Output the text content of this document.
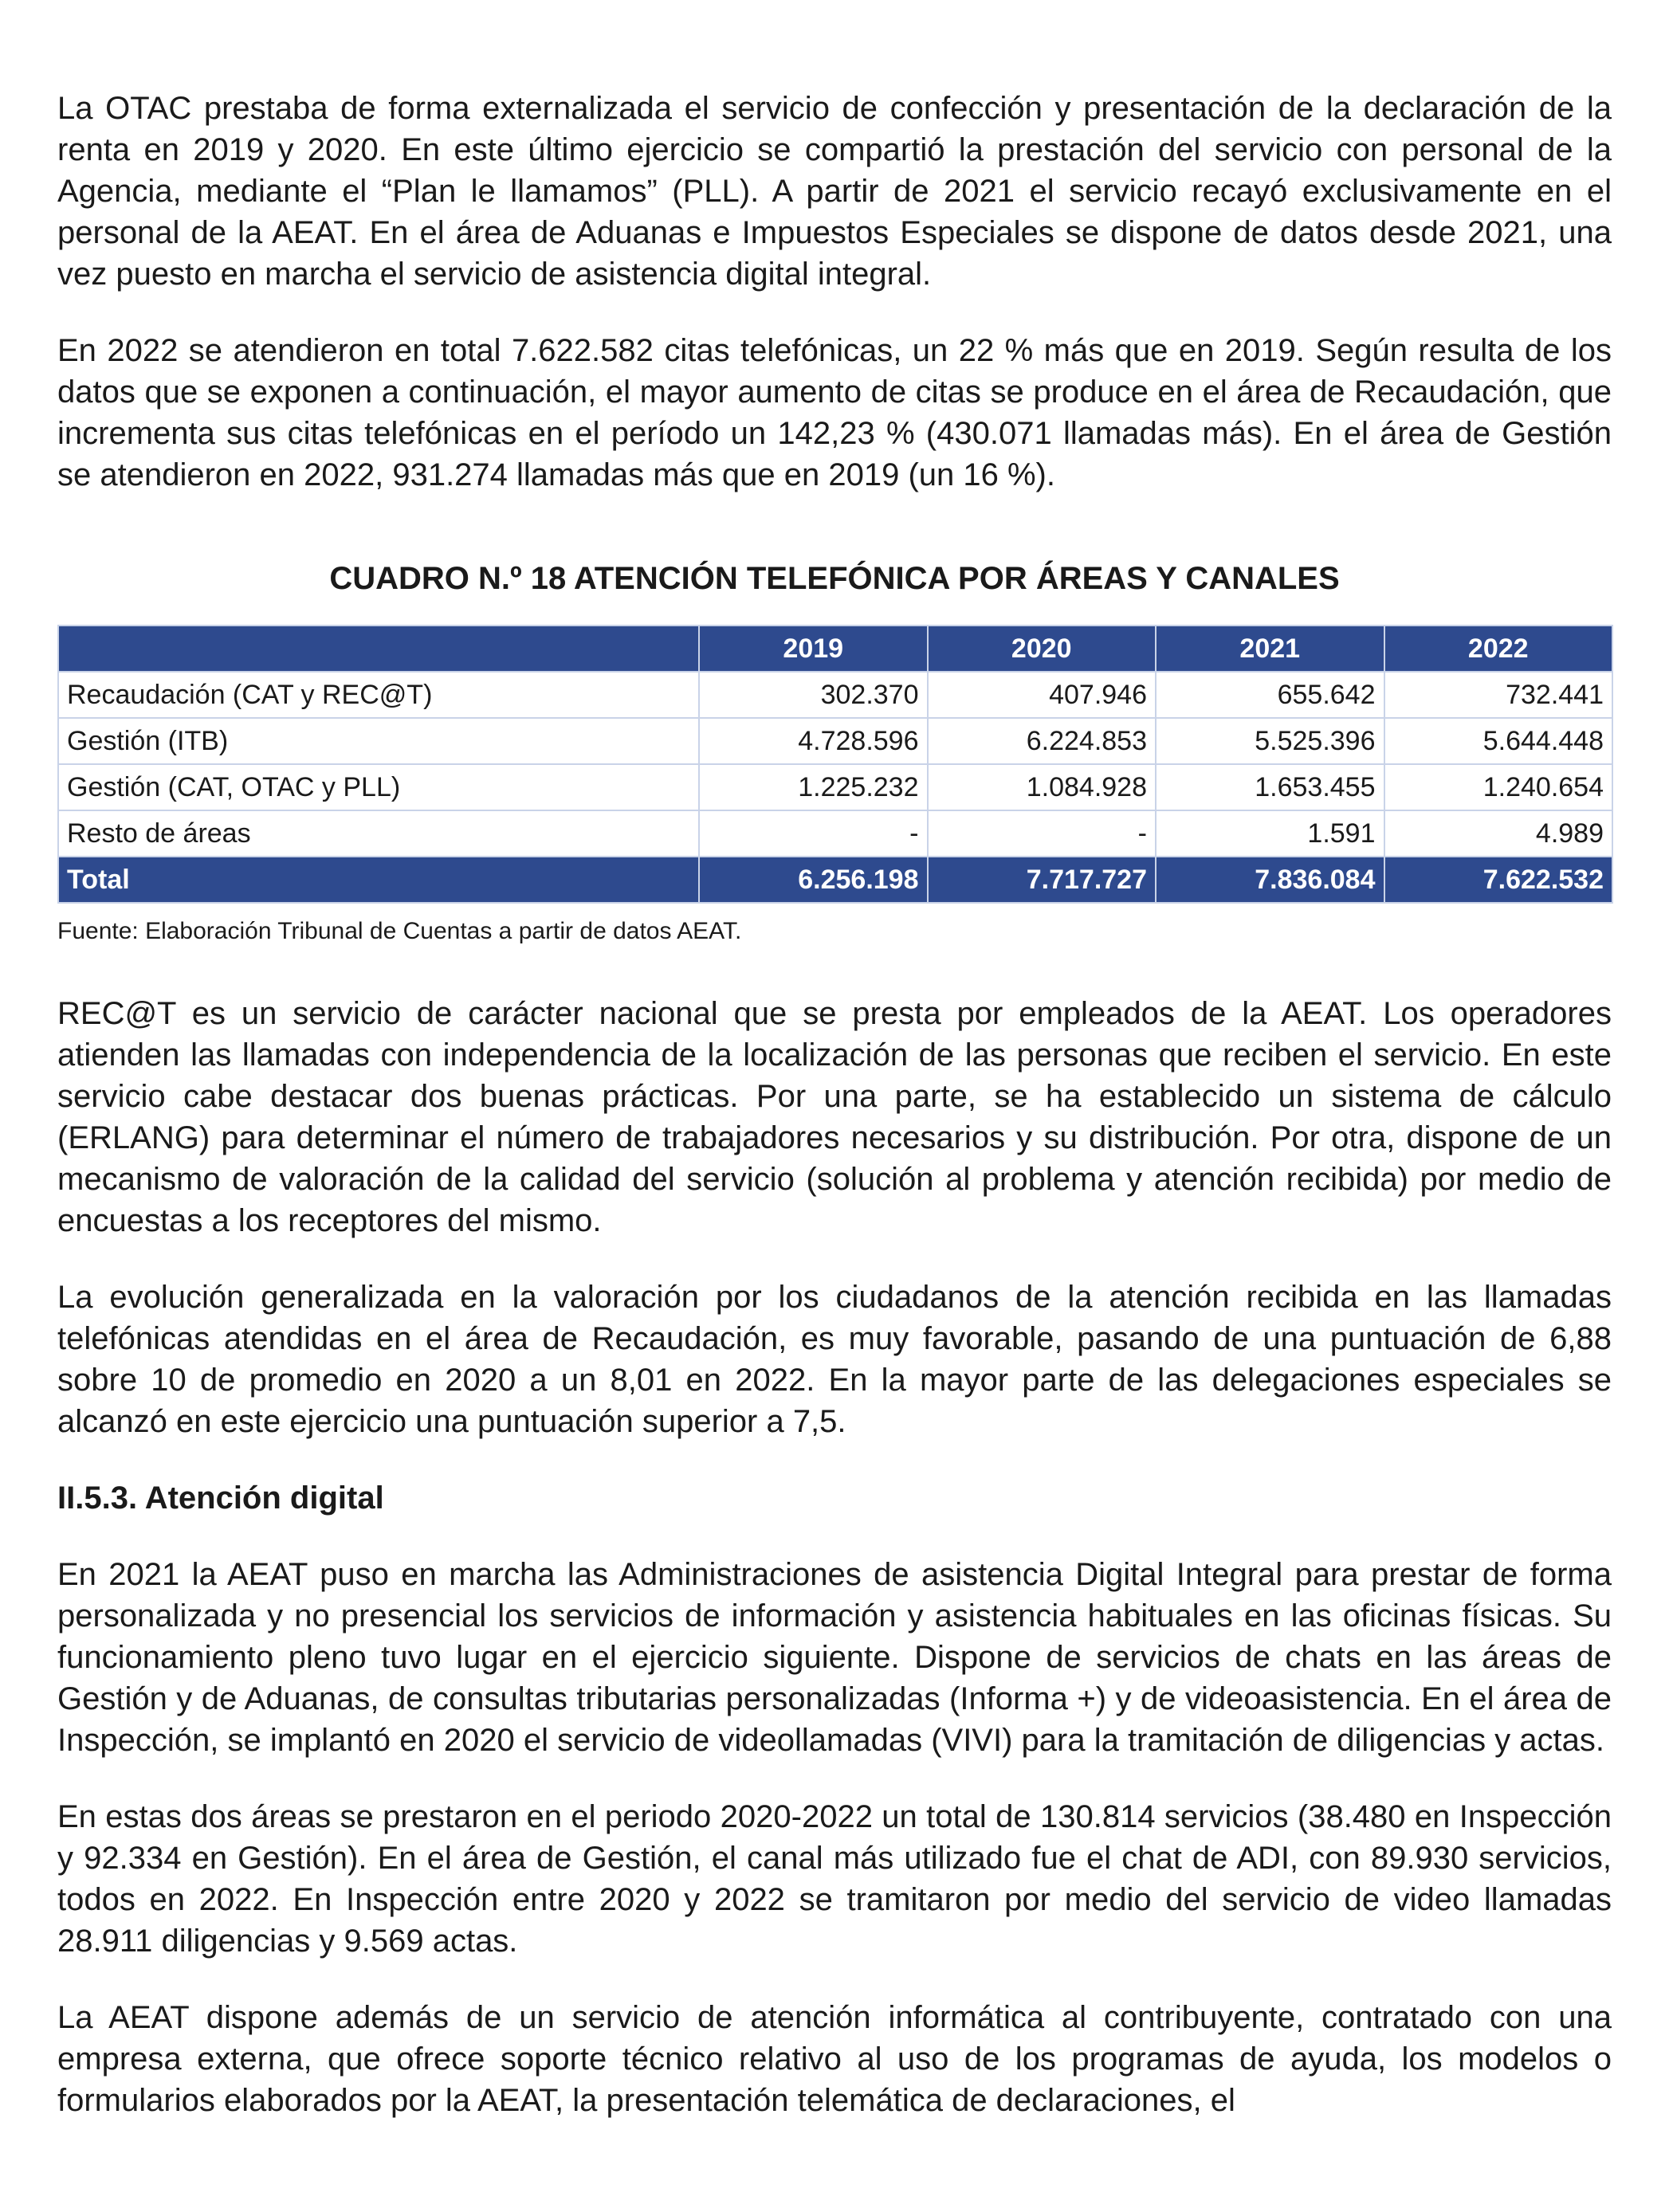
La OTAC prestaba de forma externalizada el servicio de confección y presentación de la declaración de la renta en 2019 y 2020. En este último ejercicio se compartió la prestación del servicio con personal de la Agencia, mediante el “Plan le llamamos” (PLL). A partir de 2021 el servicio recayó exclusivamente en el personal de la AEAT. En el área de Aduanas e Impuestos Especiales se dispone de datos desde 2021, una vez puesto en marcha el servicio de asistencia digital integral.

En 2022 se atendieron en total 7.622.582 citas telefónicas, un 22 % más que en 2019. Según resulta de los datos que se exponen a continuación, el mayor aumento de citas se produce en el área de Recaudación, que incrementa sus citas telefónicas en el período un 142,23 % (430.071 llamadas más). En el área de Gestión se atendieron en 2022, 931.274 llamadas más que en 2019 (un 16 %).

CUADRO N.º 18 ATENCIÓN TELEFÓNICA POR ÁREAS Y CANALES
	2019	2020	2021	2022
Recaudación (CAT y REC@T)	302.370	407.946	655.642	732.441
Gestión (ITB)	4.728.596	6.224.853	5.525.396	5.644.448
Gestión (CAT, OTAC y PLL)	1.225.232	1.084.928	1.653.455	1.240.654
Resto de áreas	-	-	1.591	4.989
Total	6.256.198	7.717.727	7.836.084	7.622.532
Fuente: Elaboración Tribunal de Cuentas a partir de datos AEAT.

REC@T es un servicio de carácter nacional que se presta por empleados de la AEAT. Los operadores atienden las llamadas con independencia de la localización de las personas que reciben el servicio. En este servicio cabe destacar dos buenas prácticas. Por una parte, se ha establecido un sistema de cálculo (ERLANG) para determinar el número de trabajadores necesarios y su distribución. Por otra, dispone de un mecanismo de valoración de la calidad del servicio (solución al problema y atención recibida) por medio de encuestas a los receptores del mismo.

La evolución generalizada en la valoración por los ciudadanos de la atención recibida en las llamadas telefónicas atendidas en el área de Recaudación, es muy favorable, pasando de una puntuación de 6,88 sobre 10 de promedio en 2020 a un 8,01 en 2022. En la mayor parte de las delegaciones especiales se alcanzó en este ejercicio una puntuación superior a 7,5.

II.5.3. Atención digital

En 2021 la AEAT puso en marcha las Administraciones de asistencia Digital Integral para prestar de forma personalizada y no presencial los servicios de información y asistencia habituales en las oficinas físicas. Su funcionamiento pleno tuvo lugar en el ejercicio siguiente. Dispone de servicios de chats en las áreas de Gestión y de Aduanas, de consultas tributarias personalizadas (Informa +) y de videoasistencia. En el área de Inspección, se implantó en 2020 el servicio de videollamadas (VIVI) para la tramitación de diligencias y actas.

En estas dos áreas se prestaron en el periodo 2020-2022 un total de 130.814 servicios (38.480 en Inspección y 92.334 en Gestión). En el área de Gestión, el canal más utilizado fue el chat de ADI, con 89.930 servicios, todos en 2022. En Inspección entre 2020 y 2022 se tramitaron por medio del servicio de video llamadas 28.911 diligencias y 9.569 actas.

La AEAT dispone además de un servicio de atención informática al contribuyente, contratado con una empresa externa, que ofrece soporte técnico relativo al uso de los programas de ayuda, los modelos o formularios elaborados por la AEAT, la presentación telemática de declaraciones, el
